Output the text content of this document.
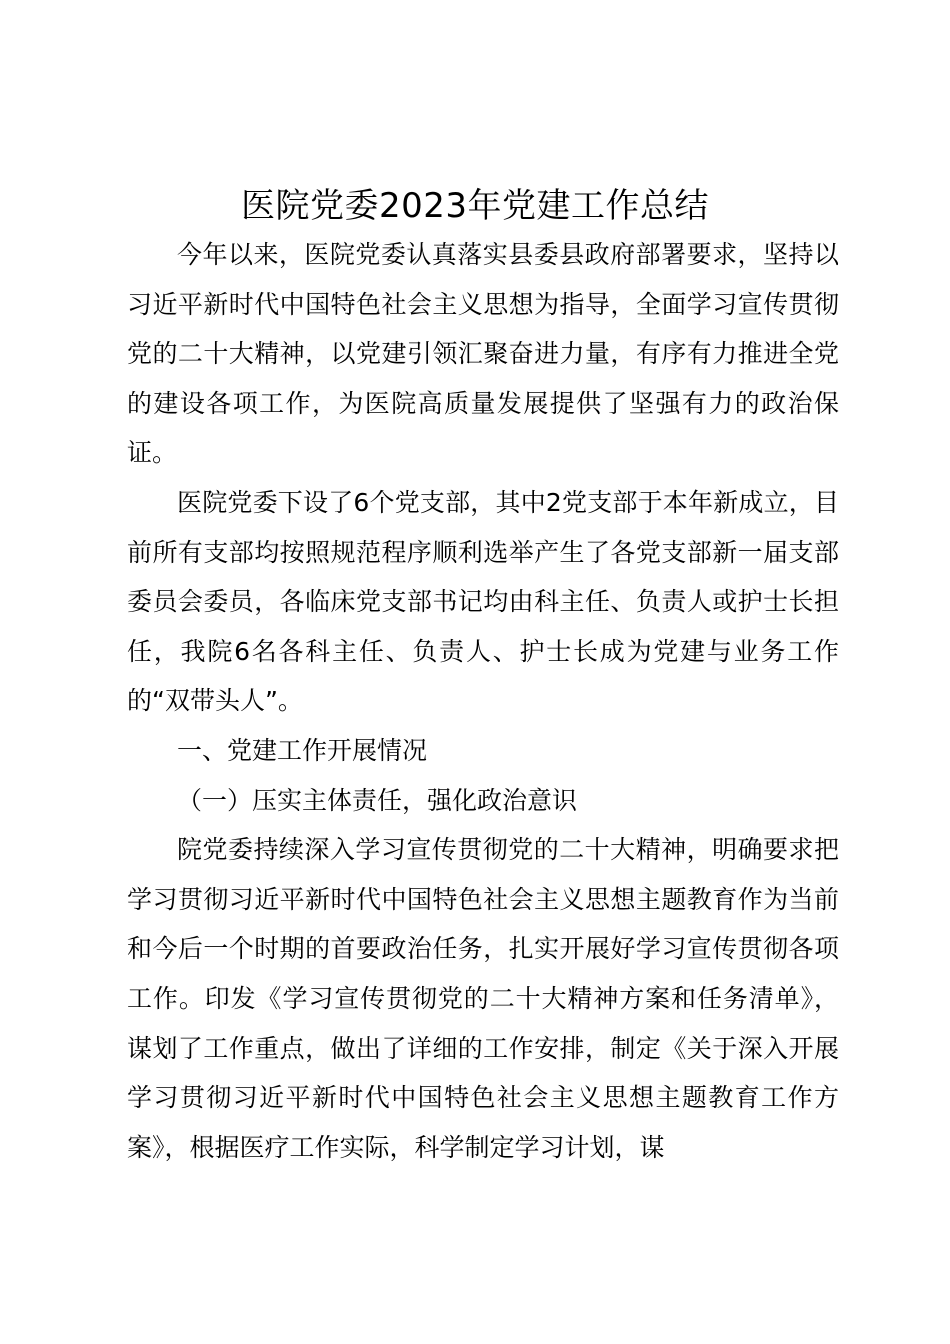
医院党委2023年党建工作总结

今年以来，医院党委认真落实县委县政府部署要求，坚持以习近平新时代中国特色社会主义思想为指导，全面学习宣传贯彻党的二十大精神，以党建引领汇聚奋进力量，有序有力推进全党的建设各项工作，为医院高质量发展提供了坚强有力的政治保证。

医院党委下设了6个党支部，其中2党支部于本年新成立，目前所有支部均按照规范程序顺利选举产生了各党支部新一届支部委员会委员，各临床党支部书记均由科主任、负责人或护士长担任，我院6名各科主任、负责人、护士长成为党建与业务工作的“双带头人”。

一、党建工作开展情况

（一）压实主体责任，强化政治意识

院党委持续深入学习宣传贯彻党的二十大精神，明确要求把学习贯彻习近平新时代中国特色社会主义思想主题教育作为当前和今后一个时期的首要政治任务，扎实开展好学习宣传贯彻各项工作。印发《学习宣传贯彻党的二十大精神方案和任务清单》，谋划了工作重点，做出了详细的工作安排，制定《关于深入开展学习贯彻习近平新时代中国特色社会主义思想主题教育工作方案》，根据医疗工作实际，科学制定学习计划，谋
